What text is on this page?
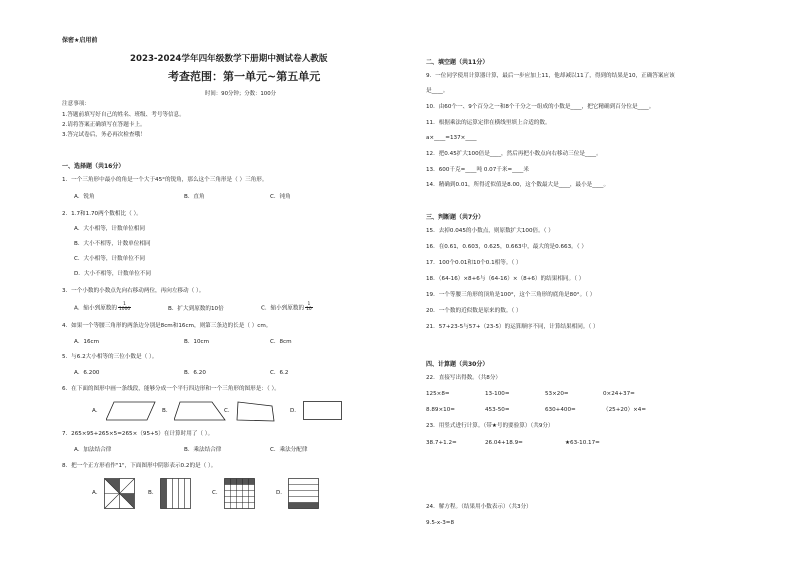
保密★启用前
2023-2024学年四年级数学下册期中测试卷人教版
考查范围：第一单元~第五单元
时间：90分钟；分数：100分
注意事项：
1.答题前填写好自己的姓名、班级、考号等信息。
2.请将答案正确填写在答题卡上。
3.答完试卷后，务必再次检查哦！
一、选择题（共16分）
1．一个三角形中最小的角是一个大于45°的锐角，那么这个三角形是（ ）三角形。
A．锐角	B．直角	C．钝角
2．1.7和1.70两个数相比（ ）。
A．大小相等，计数单位相同
B．大小不相等，计数单位相同
C．大小相等，计数单位不同
D．大小不相等，计数单位不同
3．一个小数的小数点先向右移动两位，再向左移动（ ）。
A．缩小到原数的 $\frac{1}{1000}$	B．扩大到原数的10倍	C．缩小到原数的 $\frac{1}{10}$
4．如果一个等腰三角形的两条边分别是8cm和16cm，则第三条边的长是（ ）cm。
A．16cm	B．10cm	C．8cm
5．与6.2大小相等的三位小数是（ ）。
A．6.200	B．6.20	C．6.2
6．在下面的图形中画一条线段，能够分成一个平行四边形和一个三角形的图形是：（ ）。
A．	B．	C．	D．
7．265×95+265×5=265×（95+5）在计算时用了（ ）。
A．加法结合律	B．乘法结合律	C．乘法分配律
8．把一个正方形看作"1"，下面图形中阴影表示0.2的是（ ）。
A．	B．	C．	D．
二、填空题（共11分）
9．一位同学使用计算器计算，最后一步应加上11，他却减以11了，得到的结果是10，正确答案应该
是____。
10．由60个一、9个百分之一和8个千分之一组成的小数是____，把它精确到百分位是____。
11．根据乘法的运算定律在横线里填上合适的数。
a×____=137×____
12．把0.45扩大100倍是____，然后再把小数点向右移动三位是____。
13．600千克=____吨 0.07千米=____米
14．精确到0.01，所得近似值是8.00，这个数最大是____，最小是____。
三、判断题（共7分）
15．去掉0.045的小数点，则原数扩大100倍。（ ）
16．在0.61，0.603，0.625，0.663中，最大的是0.663。（ ）
17．100个0.01和10个0.1相等。（ ）
18．（64-16）×8+6与（64-16）×（8+6）的结果相同。（ ）
19．一个等腰三角形的顶角是100°，这个三角形的底角是80°。（ ）
20．一个数的近似数是原来的数。（ ）
21．57+23-5与57+（23-5）的运算顺序不同，计算结果相同。（ ）
四、计算题（共30分）
22．直接写出得数。（共8分）
125×8=	13-100=	53×20=	0×24+37=
8.89×10=	453-50=	630+400=	（25+20）×4=
23．用竖式进行计算。（带★号的要验算）（共9分）
38.7+1.2=	26.04+18.9=	★63-10.17=
24．解方程。（结果用小数表示）（共3分）
9.5-x-3=8
